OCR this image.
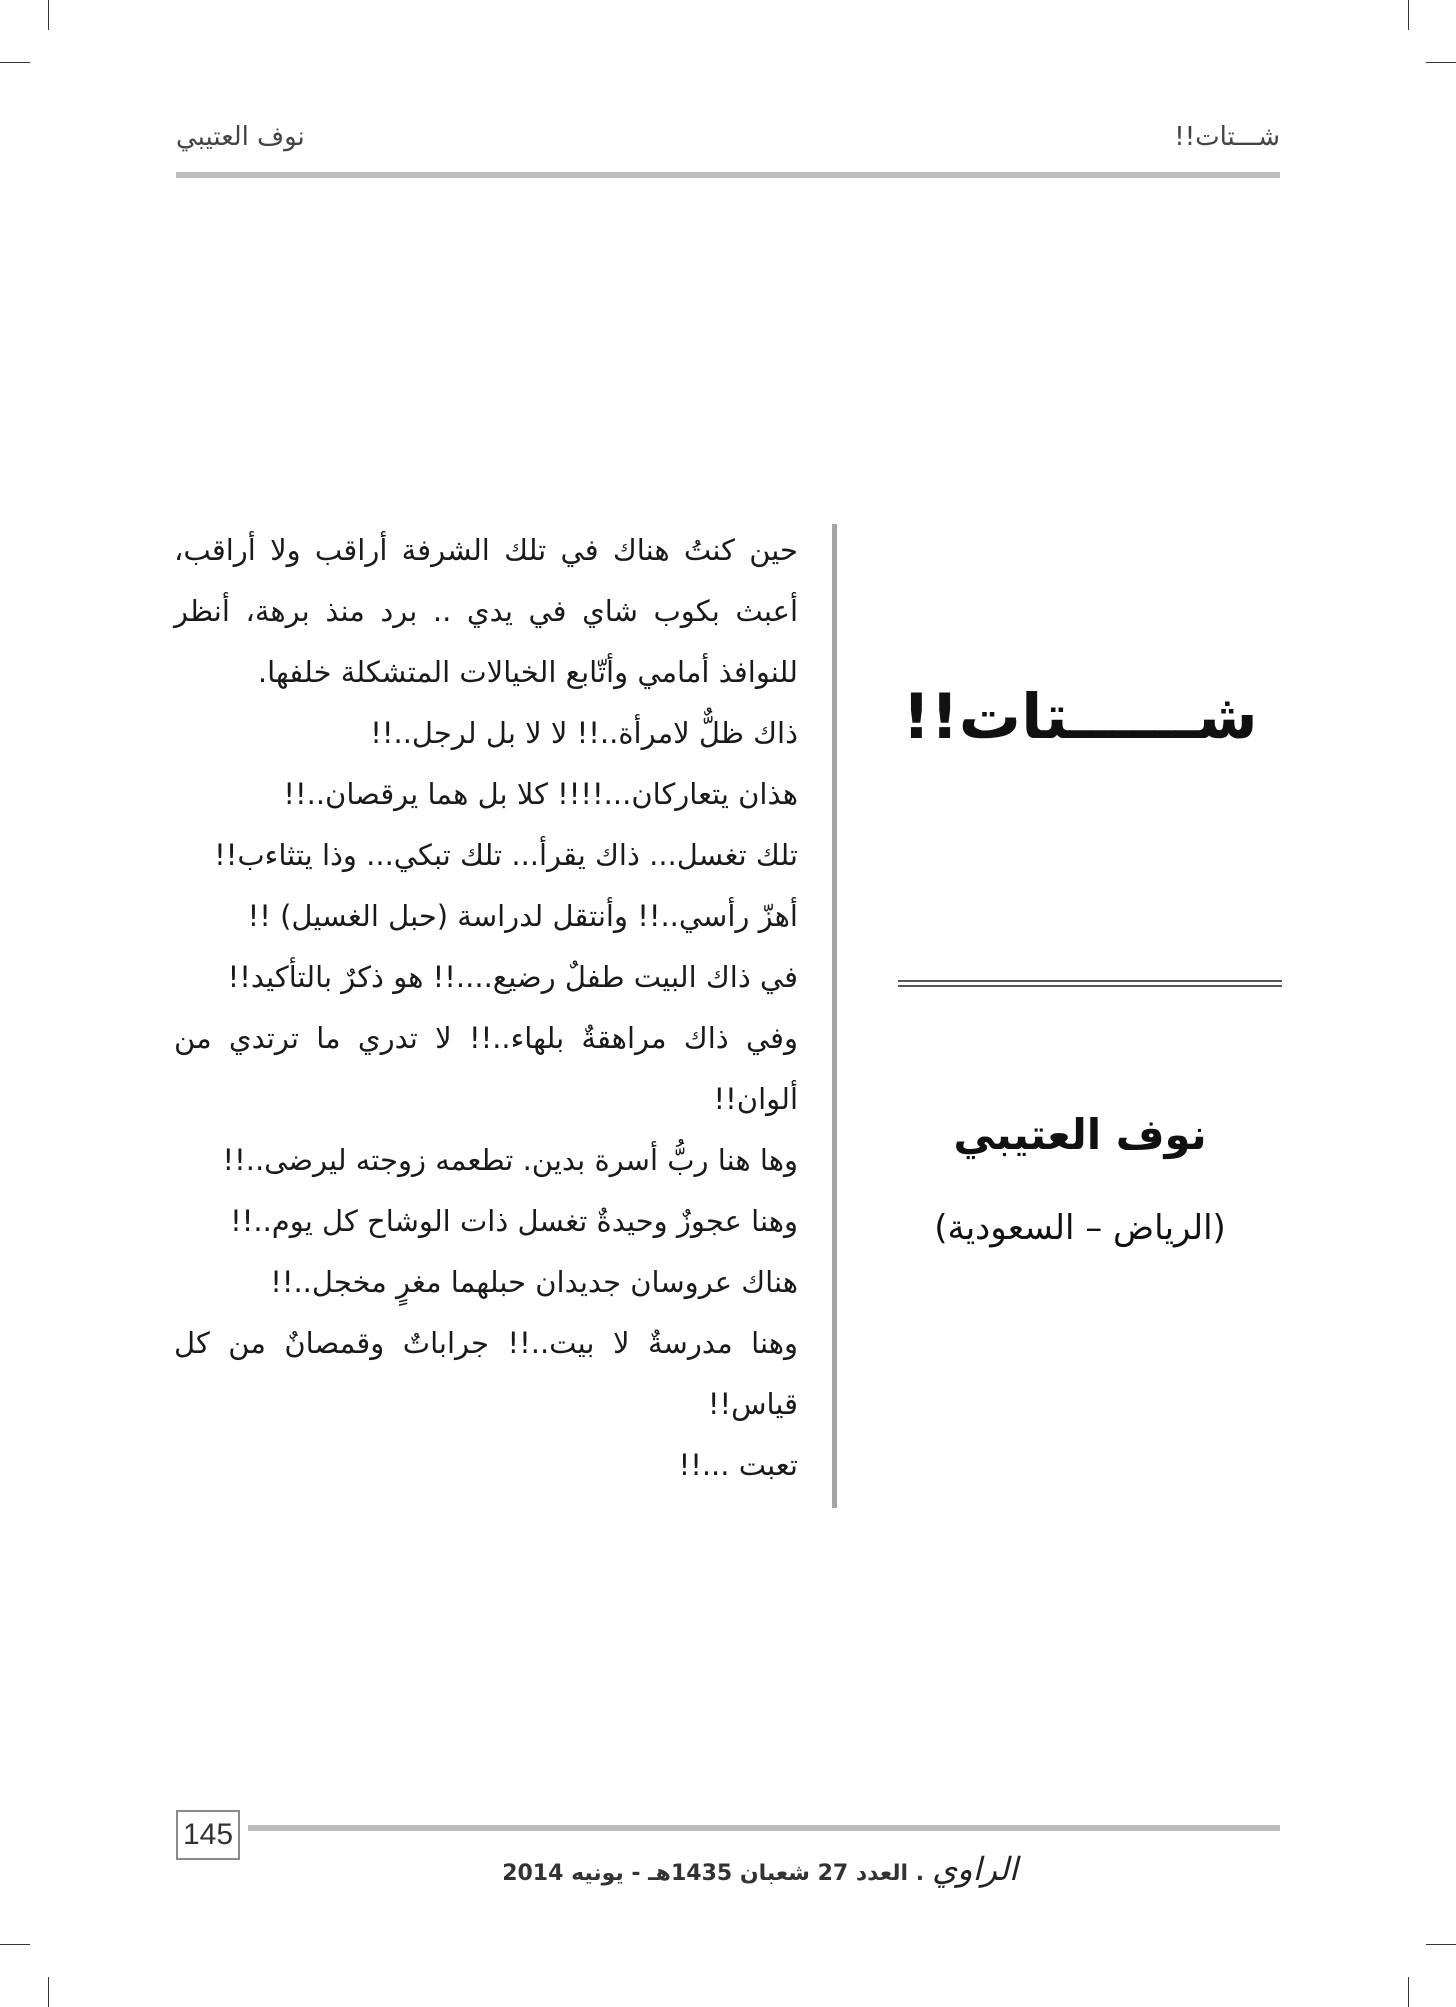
شـــتات!!
نوف العتيبي

حين كنتُ هناك في تلك الشرفة أراقب ولا أراقب، أعبث بكوب شاي في يدي .. برد منذ برهة، أنظر للنوافذ أمامي وأتّابع الخيالات المتشكلة خلفها.

ذاك ظلٌّ لامرأة..!! لا لا بل لرجل..!!

هذان يتعاركان...!!!! كلا بل هما يرقصان..!!

تلك تغسل... ذاك يقرأ... تلك تبكي... وذا يتثاءب!!

أهزّ رأسي..!! وأنتقل لدراسة (حبل الغسيل) !!

في ذاك البيت طفلٌ رضيع....!! هو ذكرٌ بالتأكيد!!

وفي ذاك مراهقةٌ بلهاء..!! لا تدري ما ترتدي من ألوان!!

وها هنا ربُّ أسرة بدين. تطعمه زوجته ليرضى..!!

وهنا عجوزٌ وحيدةٌ تغسل ذات الوشاح كل يوم..!!

هناك عروسان جديدان حبلهما مغرٍ مخجل..!!

وهنا مدرسةٌ لا بيت..!! جراباتٌ وقمصانٌ من كل قياس!!

تعبت ...!!

شــــــتات!!
نوف العتيبي
(الرياض – السعودية)
145
. العدد 27 شعبان 1435هـ - يونيه 2014 الراوي
